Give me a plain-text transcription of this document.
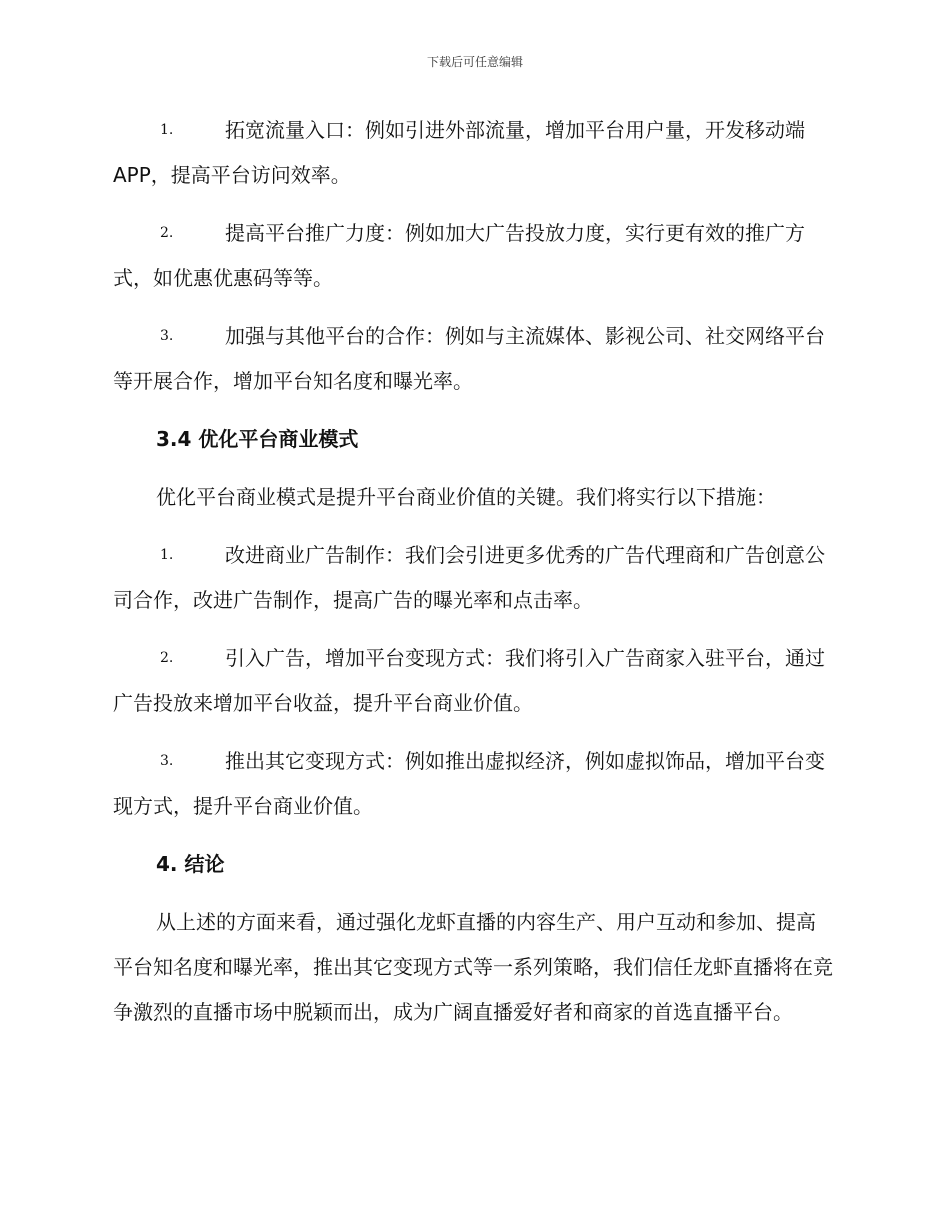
下载后可任意编辑

1.	拓宽流量入口：例如引进外部流量，增加平台用户量，开发移动端 APP，提高平台访问效率。

2.	提高平台推广力度：例如加大广告投放力度，实行更有效的推广方式，如优惠优惠码等等。

3.	加强与其他平台的合作：例如与主流媒体、影视公司、社交网络平台等开展合作，增加平台知名度和曝光率。

3.4 优化平台商业模式

优化平台商业模式是提升平台商业价值的关键。我们将实行以下措施：

1.	改进商业广告制作：我们会引进更多优秀的广告代理商和广告创意公司合作，改进广告制作，提高广告的曝光率和点击率。

2.	引入广告，增加平台变现方式：我们将引入广告商家入驻平台，通过广告投放来增加平台收益，提升平台商业价值。

3.	推出其它变现方式：例如推出虚拟经济，例如虚拟饰品，增加平台变现方式，提升平台商业价值。

4. 结论

从上述的方面来看，通过强化龙虾直播的内容生产、用户互动和参加、提高平台知名度和曝光率，推出其它变现方式等一系列策略，我们信任龙虾直播将在竞争激烈的直播市场中脱颖而出，成为广阔直播爱好者和商家的首选直播平台。
